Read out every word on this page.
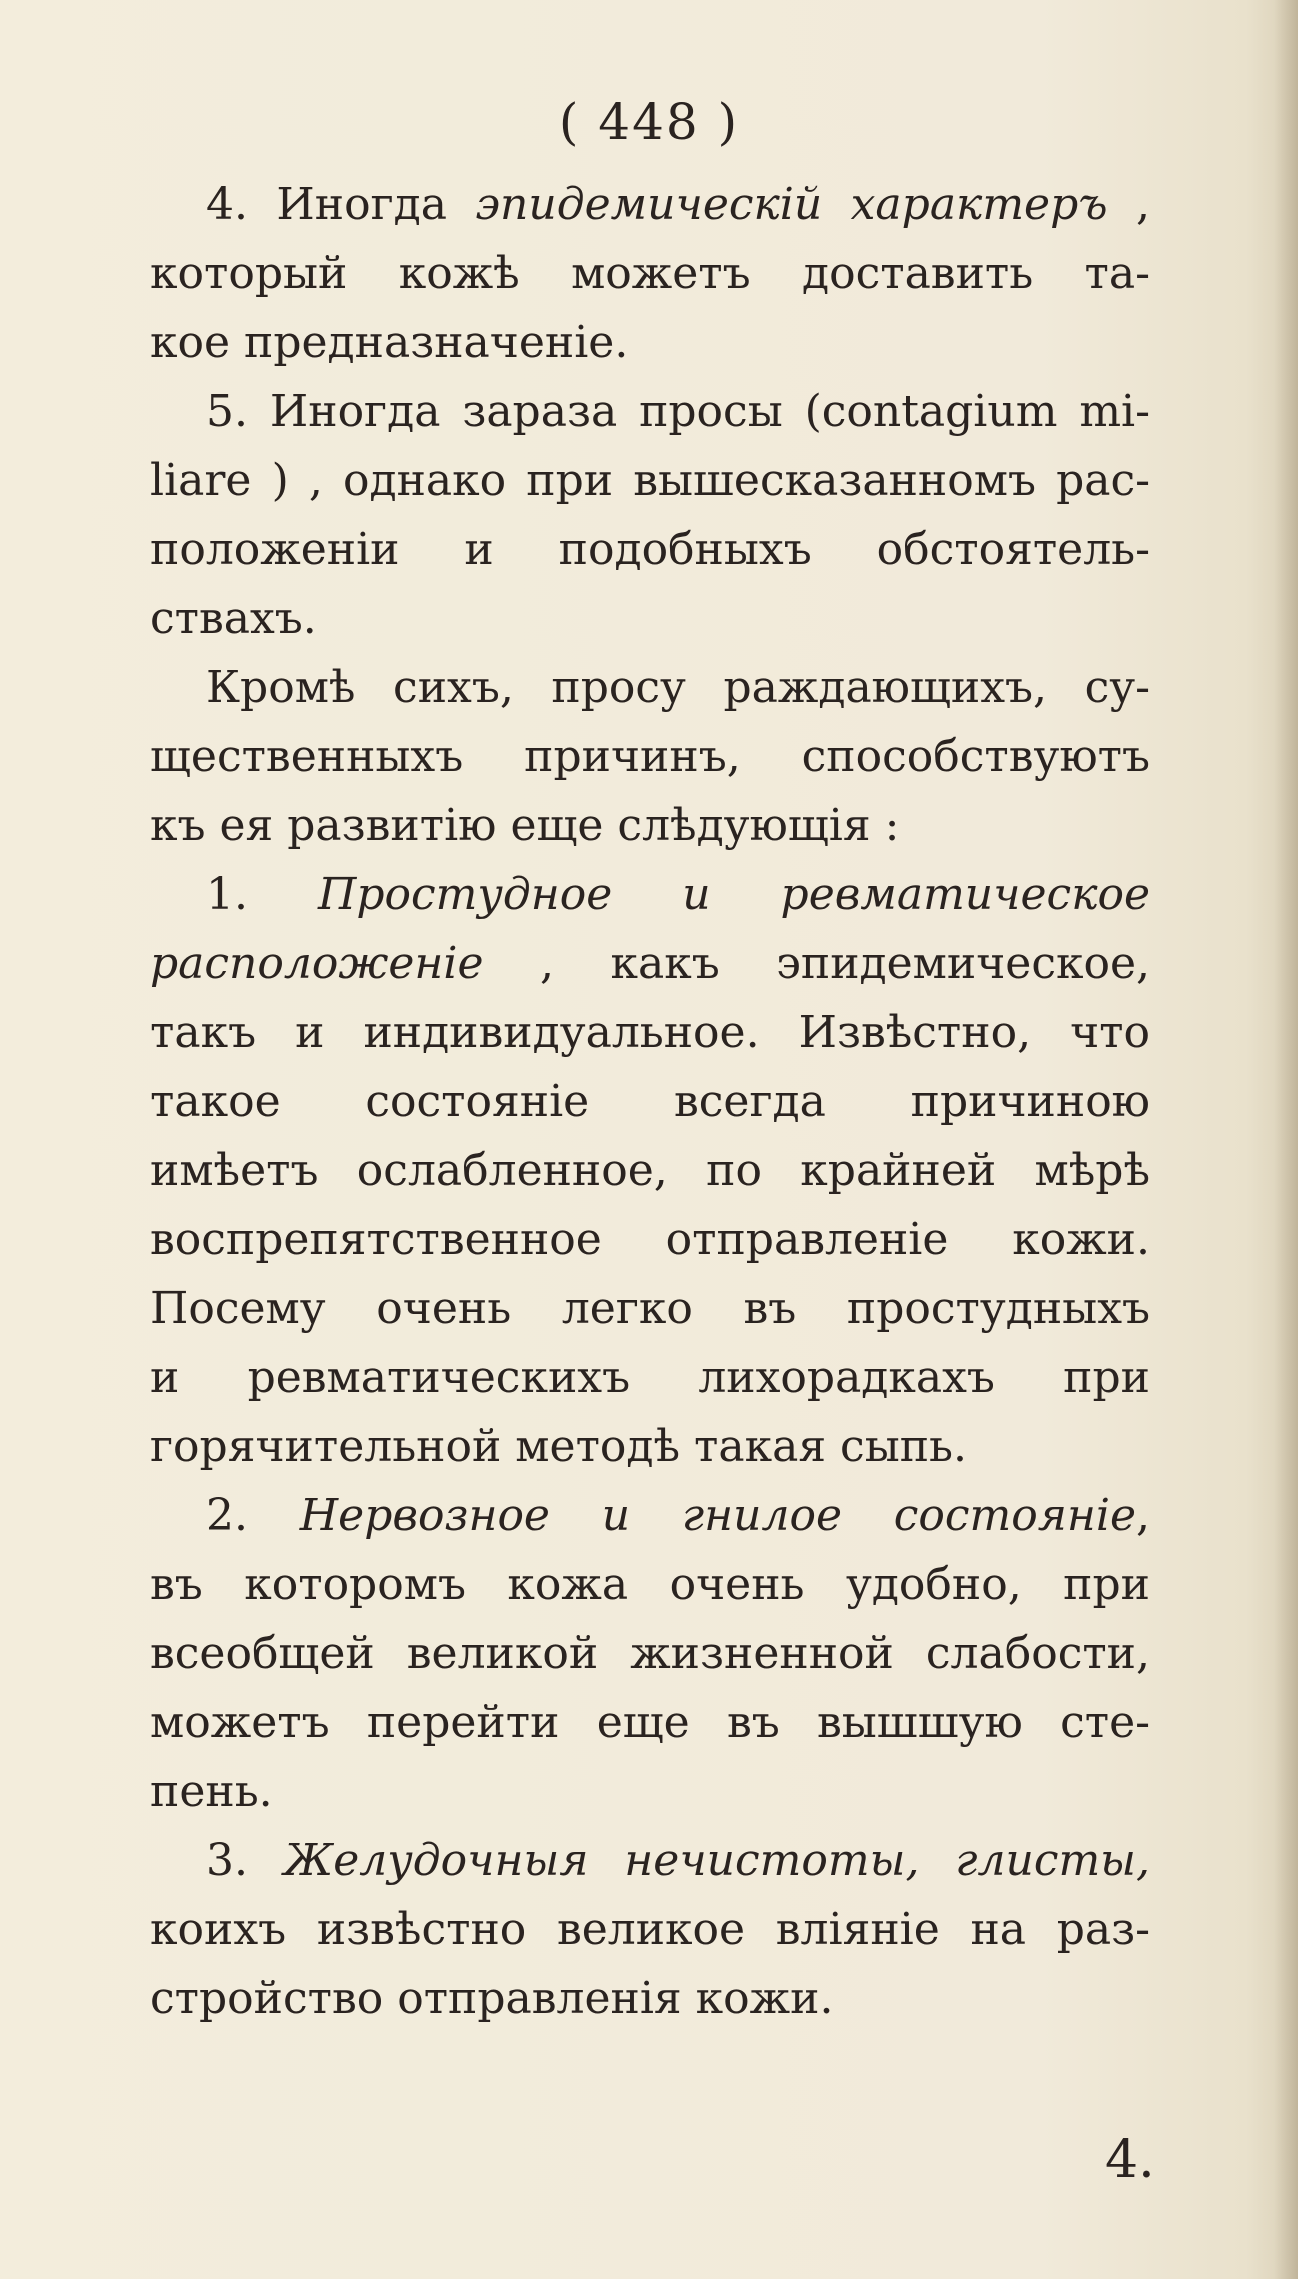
( 448 )
4. Иногда эпидемическій характеръ ,
который кожѣ можетъ доставить та-
кое предназначеніе.
5. Иногда зараза просы (contagium mi-
liare ) , однако при вышесказанномъ рас-
положеніи и подобныхъ обстоятель-
ствахъ.
Кромѣ сихъ, просу раждающихъ, су-
щественныхъ причинъ, способствуютъ
къ ея развитію еще слѣдующія :
1. Простудное и ревматическое
расположеніе , какъ эпидемическое,
такъ и индивидуальное. Извѣстно, что
такое состояніе всегда причиною
имѣетъ ослабленное, по крайней мѣрѣ
воспрепятственное отправленіе кожи.
Посему очень легко въ простудныхъ
и ревматическихъ лихорадкахъ при
горячительной методѣ такая сыпь.
2. Нервозное и гнилое состояніе,
въ которомъ кожа очень удобно, при
всеобщей великой жизненной слабости,
можетъ перейти еще въ вышшую сте-
пень.
3. Желудочныя нечистоты, глисты,
коихъ извѣстно великое вліяніе на раз-
стройство отправленія кожи.
4.
